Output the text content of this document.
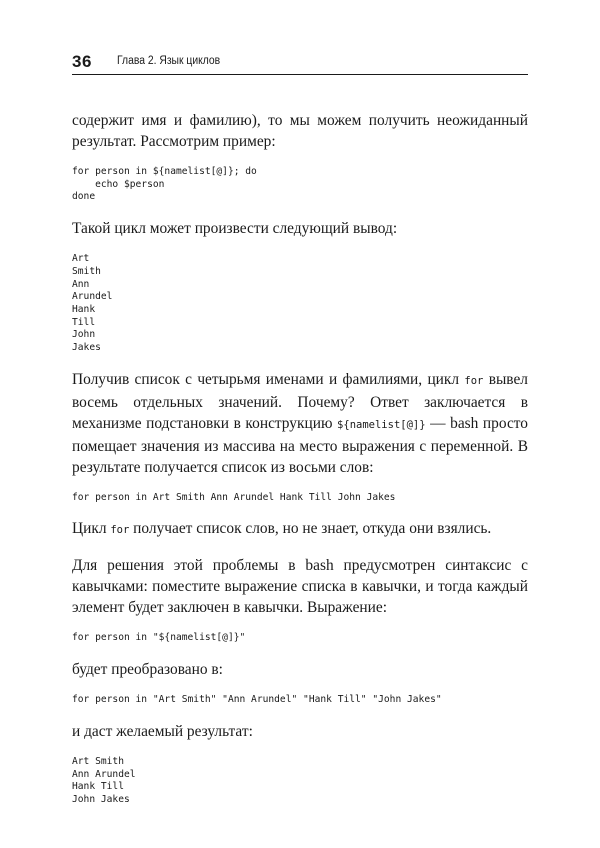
36 Глава 2. Язык циклов

содержит имя и фамилию), то мы можем получить неожиданный результат. Рассмотрим пример:

for person in ${namelist[@]}; do
echo $person
done

Такой цикл может произвести следующий вывод:

Art
Smith
Ann
Arundel
Hank
Till
John
Jakes

Получив список с четырьмя именами и фамилиями, цикл for вывел восемь отдельных значений. Почему? Ответ заключается в механизме подстановки в конструкцию ${namelist[@]} — bash просто помещает значения из массива на место выражения с переменной. В результате получается список из восьми слов:

for person in Art Smith Ann Arundel Hank Till John Jakes

Цикл for получает список слов, но не знает, откуда они взялись.

Для решения этой проблемы в bash предусмотрен синтаксис с кавычками: поместите выражение списка в кавычки, и тогда каждый элемент будет заключен в кавычки. Выражение:

for person in "${namelist[@]}"

будет преобразовано в:

for person in "Art Smith" "Ann Arundel" "Hank Till" "John Jakes"

и даст желаемый результат:

Art Smith
Ann Arundel
Hank Till
John Jakes
